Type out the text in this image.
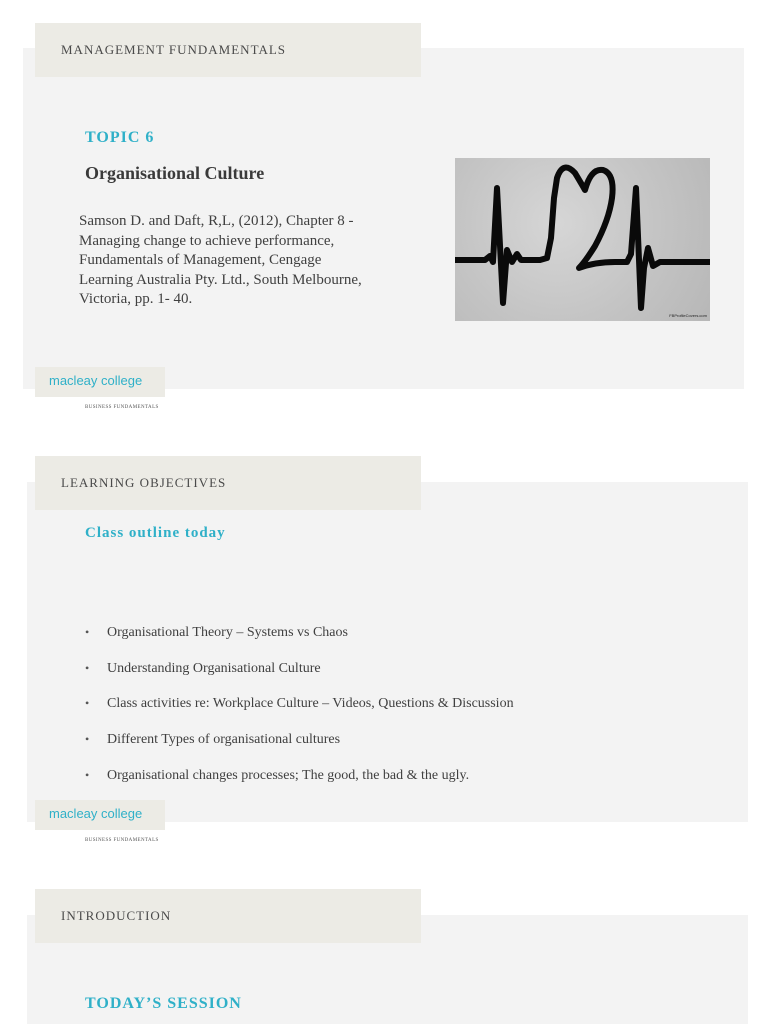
MANAGEMENT FUNDAMENTALS
TOPIC 6
Organisational Culture
Samson D. and Daft, R,L, (2012), Chapter 8 -
Managing change to achieve performance,
Fundamentals of Management, Cengage
Learning Australia Pty. Ltd., South Melbourne,
Victoria, pp. 1- 40.
FBProfileCovers.com
macleay college
BUSINESS FUNDAMENTALS
LEARNING OBJECTIVES
Class outline today
• Organisational Theory – Systems vs Chaos
• Understanding Organisational Culture
• Class activities re: Workplace Culture – Videos, Questions & Discussion
• Different Types of organisational cultures
• Organisational changes processes; The good, the bad & the ugly.
macleay college
BUSINESS FUNDAMENTALS
INTRODUCTION
TODAY’S SESSION
